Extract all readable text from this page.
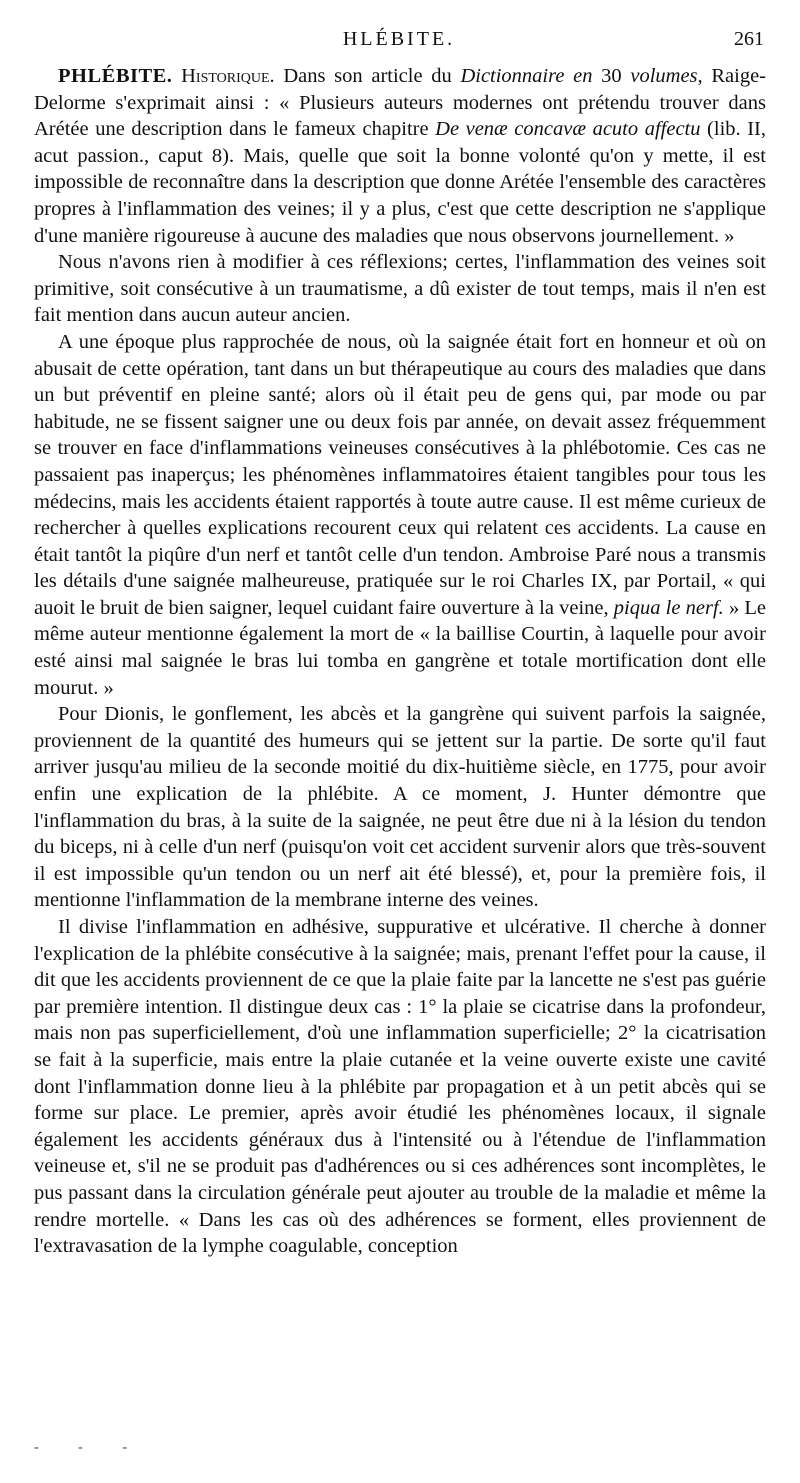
HLÉBITE.	261

PHLÉBITE. Historique. Dans son article du Dictionnaire en 30 volumes, Raige-Delorme s'exprimait ainsi : « Plusieurs auteurs modernes ont prétendu trouver dans Arétée une description dans le fameux chapitre De venæ concavæ acuto affectu (lib. II, acut passion., caput 8). Mais, quelle que soit la bonne volonté qu'on y mette, il est impossible de reconnaître dans la description que donne Arétée l'ensemble des caractères propres à l'inflammation des veines; il y a plus, c'est que cette description ne s'applique d'une manière rigoureuse à aucune des maladies que nous observons journellement. »

Nous n'avons rien à modifier à ces réflexions; certes, l'inflammation des veines soit primitive, soit consécutive à un traumatisme, a dû exister de tout temps, mais il n'en est fait mention dans aucun auteur ancien.

A une époque plus rapprochée de nous, où la saignée était fort en honneur et où on abusait de cette opération, tant dans un but thérapeutique au cours des maladies que dans un but préventif en pleine santé; alors où il était peu de gens qui, par mode ou par habitude, ne se fissent saigner une ou deux fois par année, on devait assez fréquemment se trouver en face d'inflammations veineuses consécutives à la phlébotomie. Ces cas ne passaient pas inaperçus; les phénomènes inflammatoires étaient tangibles pour tous les médecins, mais les accidents étaient rapportés à toute autre cause. Il est même curieux de rechercher à quelles explications recourent ceux qui relatent ces accidents. La cause en était tantôt la piqûre d'un nerf et tantôt celle d'un tendon. Ambroise Paré nous a transmis les détails d'une saignée malheureuse, pratiquée sur le roi Charles IX, par Portail, « qui auoit le bruit de bien saigner, lequel cuidant faire ouverture à la veine, piqua le nerf. » Le même auteur mentionne également la mort de « la baillise Courtin, à laquelle pour avoir esté ainsi mal saignée le bras lui tomba en gangrène et totale mortification dont elle mourut. »

Pour Dionis, le gonflement, les abcès et la gangrène qui suivent parfois la saignée, proviennent de la quantité des humeurs qui se jettent sur la partie. De sorte qu'il faut arriver jusqu'au milieu de la seconde moitié du dix-huitième siècle, en 1775, pour avoir enfin une explication de la phlébite. A ce moment, J. Hunter démontre que l'inflammation du bras, à la suite de la saignée, ne peut être due ni à la lésion du tendon du biceps, ni à celle d'un nerf (puisqu'on voit cet accident survenir alors que très-souvent il est impossible qu'un tendon ou un nerf ait été blessé), et, pour la première fois, il mentionne l'inflammation de la membrane interne des veines.

Il divise l'inflammation en adhésive, suppurative et ulcérative. Il cherche à donner l'explication de la phlébite consécutive à la saignée; mais, prenant l'effet pour la cause, il dit que les accidents proviennent de ce que la plaie faite par la lancette ne s'est pas guérie par première intention. Il distingue deux cas : 1° la plaie se cicatrise dans la profondeur, mais non pas superficiellement, d'où une inflammation superficielle; 2° la cicatrisation se fait à la superficie, mais entre la plaie cutanée et la veine ouverte existe une cavité dont l'inflammation donne lieu à la phlébite par propagation et à un petit abcès qui se forme sur place. Le premier, après avoir étudié les phénomènes locaux, il signale également les accidents généraux dus à l'intensité ou à l'étendue de l'inflammation veineuse et, s'il ne se produit pas d'adhérences ou si ces adhérences sont incomplètes, le pus passant dans la circulation générale peut ajouter au trouble de la maladie et même la rendre mortelle. « Dans les cas où des adhérences se forment, elles proviennent de l'extravasation de la lymphe coagulable, conception

- - -
